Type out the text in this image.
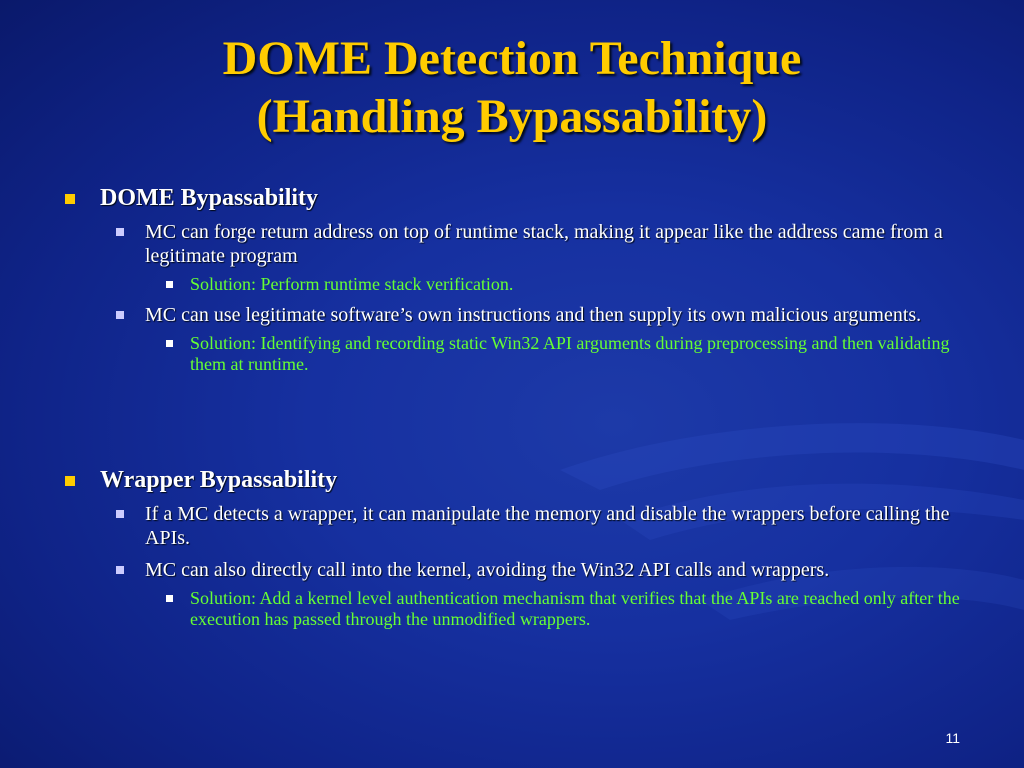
DOME Detection Technique
(Handling Bypassability)
DOME Bypassability
MC can forge return address on top of runtime stack, making it appear like the address came from a legitimate program
Solution: Perform runtime stack verification.
MC can use legitimate software’s own instructions and then supply its own malicious arguments.
Solution: Identifying and recording static Win32 API arguments during preprocessing and then validating them at runtime.
Wrapper Bypassability
If a MC detects a wrapper, it can manipulate the memory and disable the wrappers before calling the APIs.
MC can also directly call into the kernel, avoiding the Win32 API calls and wrappers.
Solution: Add a kernel level authentication mechanism that verifies that the APIs are reached only after the execution has passed through the unmodified wrappers.
11
